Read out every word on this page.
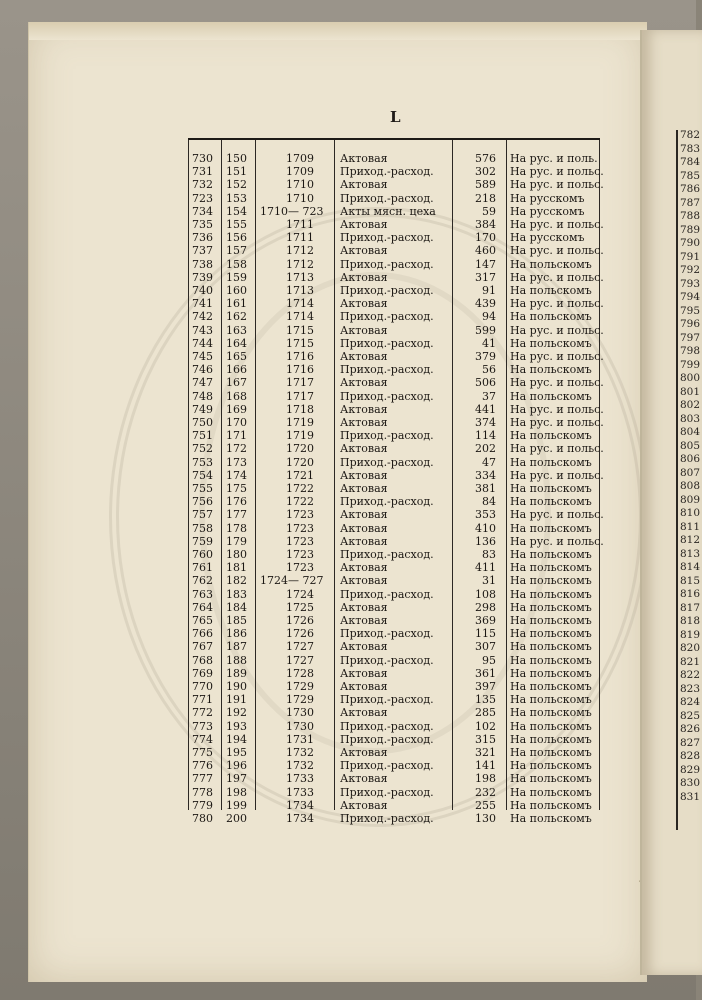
782
783
784
785
786
787
788
789
790
791
792
793
794
795
796
797
798
799
800
801
802
803
804
805
806
807
808
809
810
811
812
813
814
815
816
817
818
819
820
821
822
823
824
825
826
827
828
829
830
831
L
730 150	1709 Актовая	576 На рус. и поль.
731 151	1709 Приход.-расход.	302 На рус. и польс.
732 152	1710 Актовая	589 На рус. и польс.
723 153	1710 Приход.-расход.	218 На русскомъ
734 154 1710— 723 Акты мясн. цеха	59 На русскомъ
735 155	1711 Актовая	384 На рус. и польс.
736 156	1711 Приход.-расход.	170 На русскомъ
737 157	1712 Актовая	460 На рус. и польс.
738 158	1712 Приход.-расход.	147 На польскомъ
739 159	1713 Актовая	317 На рус. и польс.
740 160	1713 Приход.-расход.	91 На польскомъ
741 161	1714 Актовая	439 На рус. и польс.
742 162	1714 Приход.-расход.	94 На польскомъ
743 163	1715 Актовая	599 На рус. и польс.
744 164	1715 Приход.-расход.	41 На польскомъ
745 165	1716 Актовая	379 На рус. и польс.
746 166	1716 Приход.-расход.	56 На польскомъ
747 167	1717 Актовая	506 На рус. и польс.
748 168	1717 Приход.-расход.	37 На польскомъ
749 169	1718 Актовая	441 На рус. и польс.
750 170	1719 Актовая	374 На рус. и польс.
751 171	1719 Приход.-расход.	114 На польскомъ
752 172	1720 Актовая	202 На рус. и польс.
753 173	1720 Приход.-расход.	47 На польскомъ
754 174	1721 Актовая	334 На рус. и польс.
755 175	1722 Актовая	381 На польскомъ
756 176	1722 Приход.-расход.	84 На польскомъ
757 177	1723 Актовая	353 На рус. и польс.
758 178	1723 Актовая	410 На польскомъ
759 179	1723 Актовая	136 На рус. и польс.
760 180	1723 Приход.-расход.	83 На польскомъ
761 181	1723 Актовая	411 На польскомъ
762 182 1724— 727 Актовая	31 На польскомъ
763 183	1724 Приход.-расход.	108 На польскомъ
764 184	1725 Актовая	298 На польскомъ
765 185	1726 Актовая	369 На польскомъ
766 186	1726 Приход.-расход.	115 На польскомъ
767 187	1727 Актовая	307 На польскомъ
768 188	1727 Приход.-расход.	95 На польскомъ
769 189	1728 Актовая	361 На польскомъ
770 190	1729 Актовая	397 На польскомъ
771 191	1729 Приход.-расход.	135 На польскомъ
772 192	1730 Актовая	285 На польскомъ
773 193	1730 Приход.-расход.	102 На польскомъ
774 194	1731 Приход.-расход.	315 На польскомъ
775 195	1732 Актовая	321 На польскомъ
776 196	1732 Приход.-расход.	141 На польскомъ
777 197	1733 Актовая	198 На польскомъ
778 198	1733 Приход.-расход.	232 На польскомъ
779 199	1734 Актовая	255 На польскомъ
780 200	1734 Приход.-расход.	130 На польскомъ
